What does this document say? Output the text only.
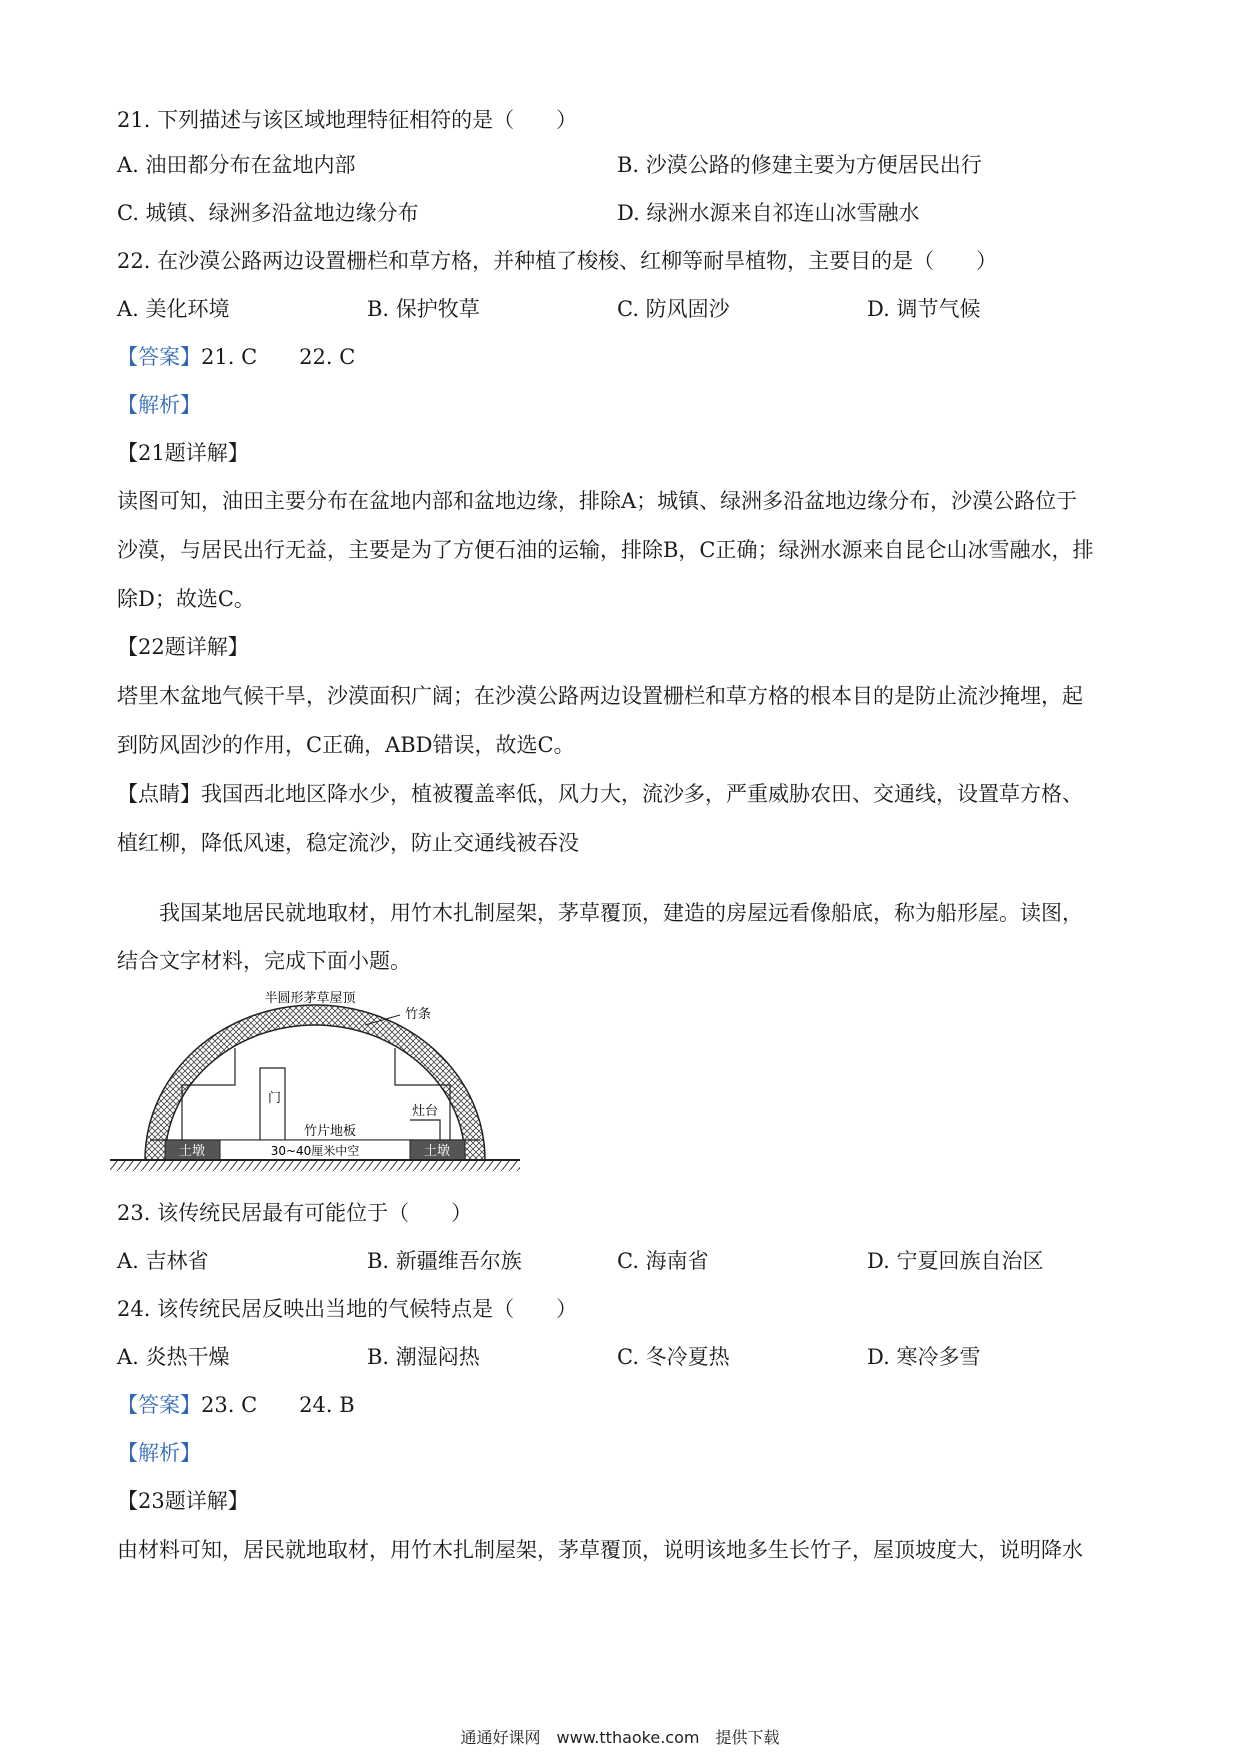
21. 下列描述与该区域地理特征相符的是（　　）
A. 油田都分布在盆地内部	B. 沙漠公路的修建主要为方便居民出行
C. 城镇、绿洲多沿盆地边缘分布	D. 绿洲水源来自祁连山冰雪融水
22. 在沙漠公路两边设置栅栏和草方格，并种植了梭梭、红柳等耐旱植物，主要目的是（　　）
A. 美化环境	B. 保护牧草	C. 防风固沙	D. 调节气候
【答案】21. C　　22. C
【解析】
【21题详解】
读图可知，油田主要分布在盆地内部和盆地边缘，排除A；城镇、绿洲多沿盆地边缘分布，沙漠公路位于
沙漠，与居民出行无益，主要是为了方便石油的运输，排除B，C正确；绿洲水源来自昆仑山冰雪融水，排
除D；故选C。
【22题详解】
塔里木盆地气候干旱，沙漠面积广阔；在沙漠公路两边设置栅栏和草方格的根本目的是防止流沙掩埋，起
到防风固沙的作用，C正确，ABD错误，故选C。
【点睛】我国西北地区降水少，植被覆盖率低，风力大，流沙多，严重威胁农田、交通线，设置草方格、
植红柳，降低风速，稳定流沙，防止交通线被吞没
　　我国某地居民就地取材，用竹木扎制屋架，茅草覆顶，建造的房屋远看像船底，称为船形屋。读图，
结合文字材料，完成下面小题。
半圆形茅草屋顶
竹条
门
竹片地板
灶台
土墩	土墩
30~40厘米中空
23. 该传统民居最有可能位于（　　）
A. 吉林省	B. 新疆维吾尔族	C. 海南省	D. 宁夏回族自治区
24. 该传统民居反映出当地的气候特点是（　　）
A. 炎热干燥	B. 潮湿闷热	C. 冬冷夏热	D. 寒冷多雪
【答案】23. C　　24. B
【解析】
【23题详解】
由材料可知，居民就地取材，用竹木扎制屋架，茅草覆顶，说明该地多生长竹子，屋顶坡度大，说明降水
通通好课网　www.tthaoke.com　提供下载
